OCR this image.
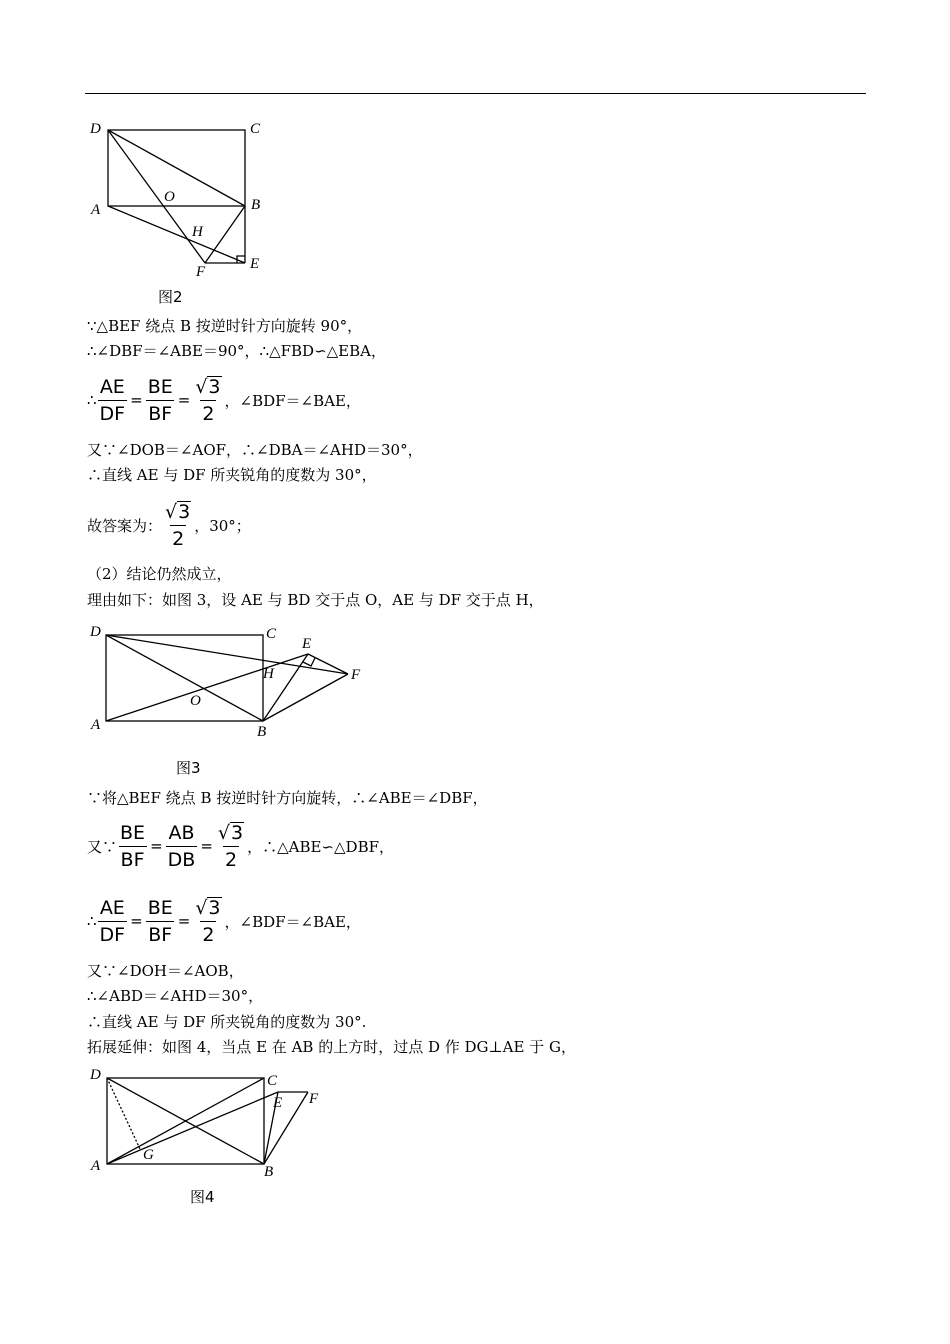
D	C
A	B
O
H
F	E
图2
∵△BEF 绕点 B 按逆时针方向旋转 90°，
∴∠DBF＝∠ABE＝90°，∴△FBD∽△EBA，
∴ $\frac{AE}{DF} = \frac{BE}{BF} = \frac{√ 3}{2}$ ，∠BDF＝∠BAE，
又∵∠DOB＝∠AOF，∴∠DBA＝∠AHD＝30°，
∴直线 AE 与 DF 所夹锐角的度数为 30°，
故答案为： $\frac{√ 3}{2}$ ，30°；
（2）结论仍然成立，
理由如下：如图 3，设 AE 与 BD 交于点 O，AE 与 DF 交于点 H，
D	C
A	B
O
H
E
F
图3
∵将△BEF 绕点 B 按逆时针方向旋转，∴∠ABE＝∠DBF，
又∵ $\frac{BE}{BF} = \frac{AB}{DB} = \frac{√ 3}{2}$ ，∴△ABE∽△DBF，
∴ $\frac{AE}{DF} = \frac{BE}{BF} = \frac{√ 3}{2}$ ，∠BDF＝∠BAE，
又∵∠DOH＝∠AOB，
∴∠ABD＝∠AHD＝30°，
∴直线 AE 与 DF 所夹锐角的度数为 30°.
拓展延伸：如图 4，当点 E 在 AB 的上方时，过点 D 作 DG⊥AE 于 G，
D	C
A	B
G
E F
图4
